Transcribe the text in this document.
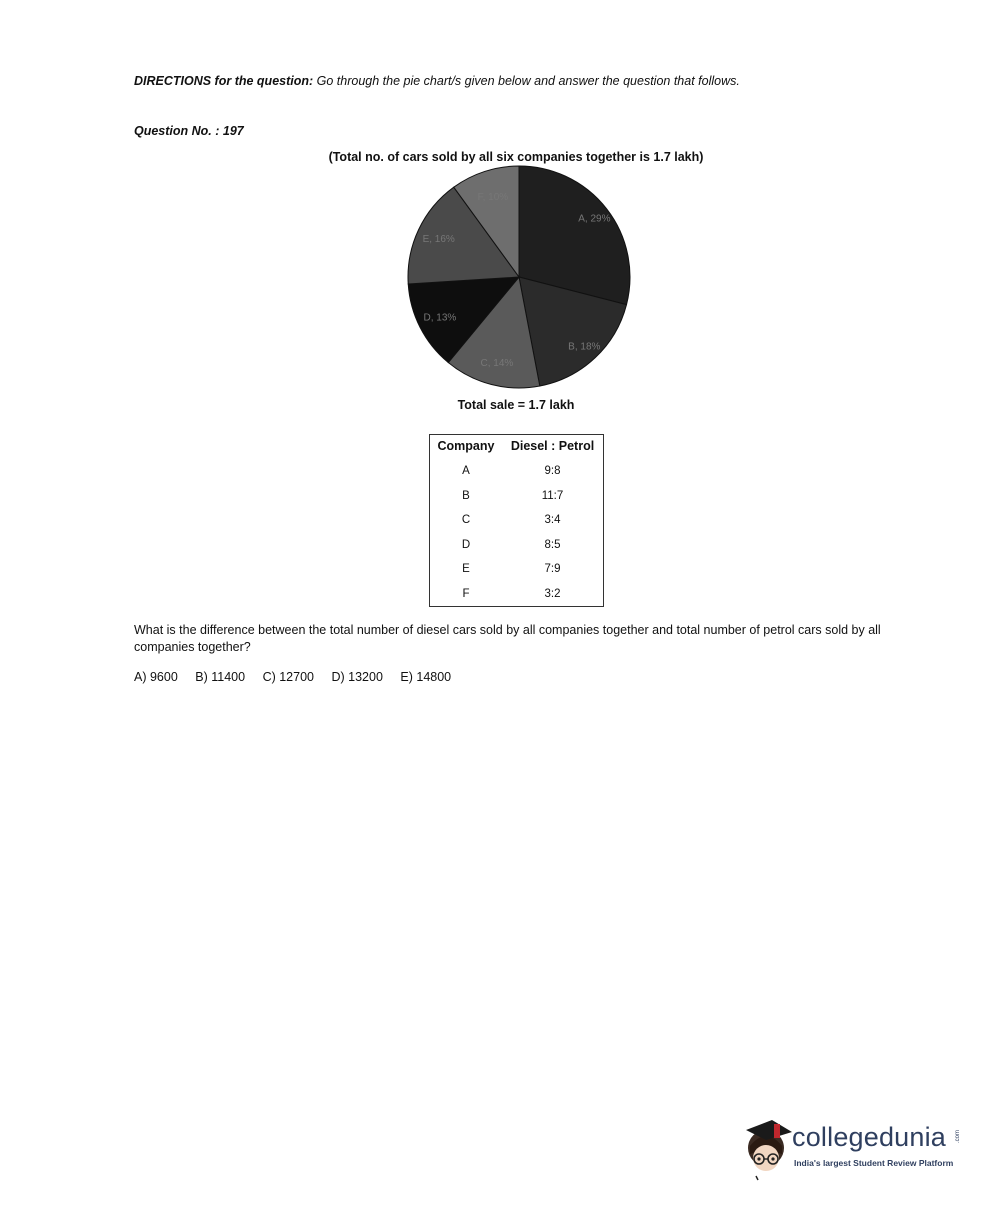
DIRECTIONS for the question: Go through the pie chart/s given below and answer the question that follows.
Question No. : 197
(Total no. of cars sold by all six companies together is 1.7 lakh)
A, 29%
B, 18%
C, 14%
D, 13%
E, 16%
F, 10%
Total sale = 1.7 lakh
Company	Diesel : Petrol
A	9:8
B	11:7
C	3:4
D	8:5
E	7:9
F	3:2
What is the difference between the total number of diesel cars sold by all companies together and total number of petrol cars sold by all companies together?
A) 9600 B) 11400 C) 12700 D) 13200 E) 14800
collegedunia .com
India's largest Student Review Platform
